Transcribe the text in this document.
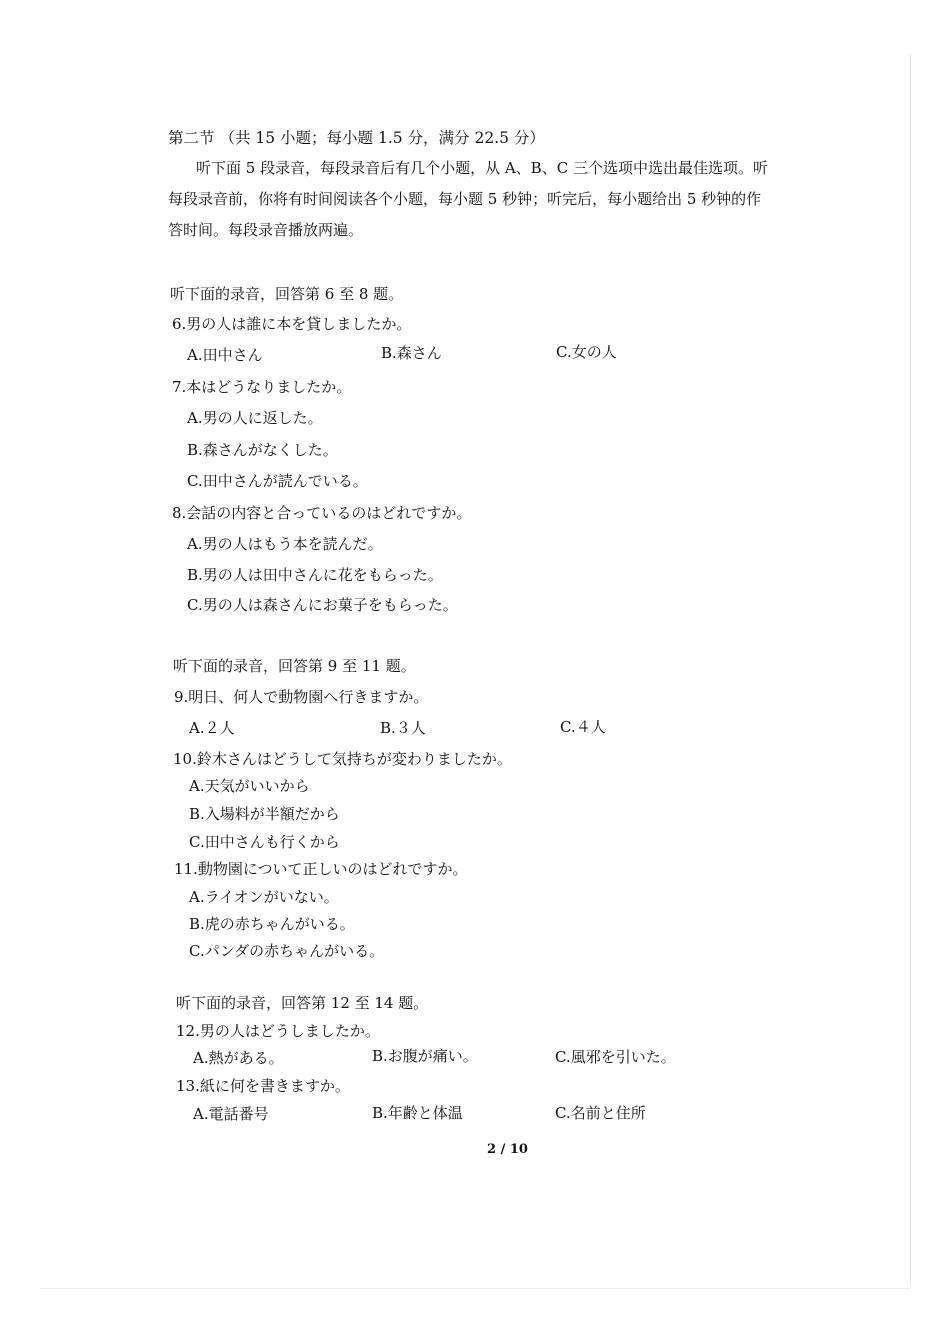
第二节 （共 15 小题；每小题 1.5 分，满分 22.5 分）
听下面 5 段录音，每段录音后有几个小题，从 A、B、C 三个选项中选出最佳选项。听
每段录音前，你将有时间阅读各个小题，每小题 5 秒钟；听完后，每小题给出 5 秒钟的作
答时间。每段录音播放两遍。
听下面的录音，回答第 6 至 8 题。
6.男の人は誰に本を貸しましたか。
A.田中さん	B.森さん	C.女の人
7.本はどうなりましたか。
A.男の人に返した。
B.森さんがなくした。
C.田中さんが読んでいる。
8.会話の内容と合っているのはどれですか。
A.男の人はもう本を読んだ。
B.男の人は田中さんに花をもらった。
C.男の人は森さんにお菓子をもらった。
听下面的录音，回答第 9 至 11 题。
9.明日、何人で動物園へ行きますか。
A.２人	B.３人	C.４人
10.鈴木さんはどうして気持ちが変わりましたか。
A.天気がいいから
B.入場料が半額だから
C.田中さんも行くから
11.動物園について正しいのはどれですか。
A.ライオンがいない。
B.虎の赤ちゃんがいる。
C.パンダの赤ちゃんがいる。
听下面的录音，回答第 12 至 14 题。
12.男の人はどうしましたか。
A.熱がある。	B.お腹が痛い。	C.風邪を引いた。
13.紙に何を書きますか。
A.電話番号	B.年齢と体温	C.名前と住所
2 / 10
